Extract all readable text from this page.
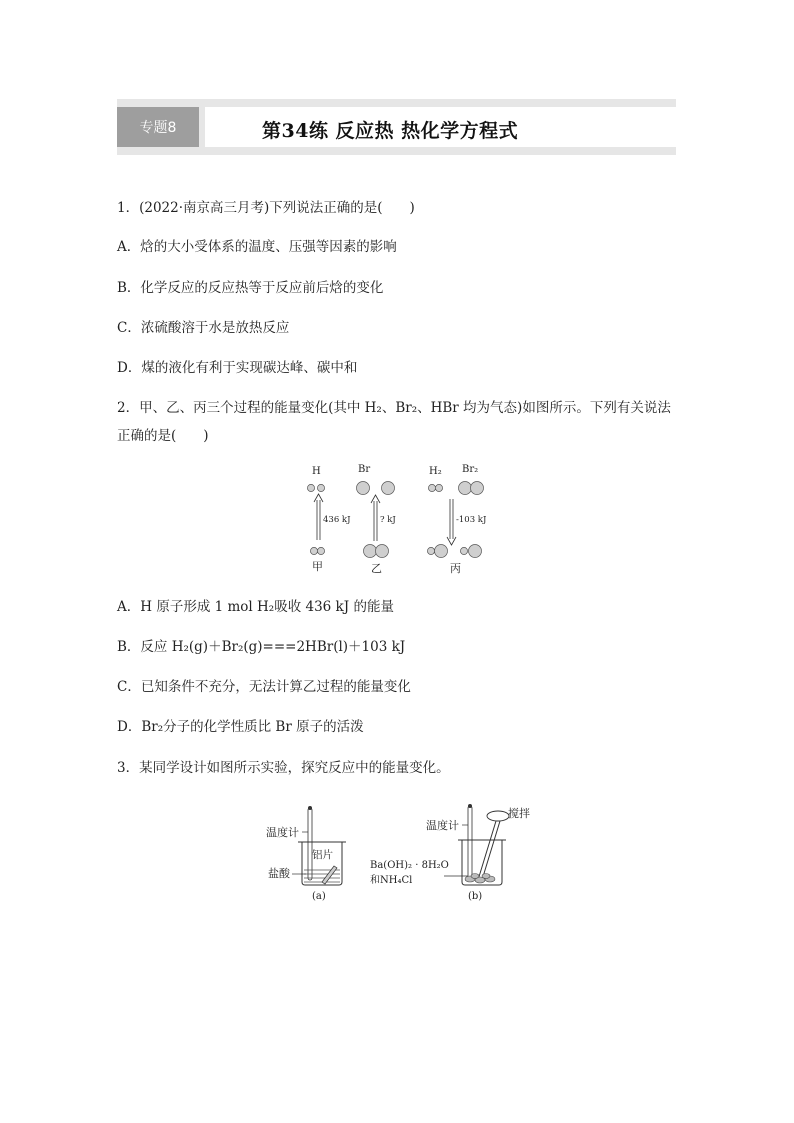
专题8	第34练 反应热 热化学方程式
1．(2022·南京高三月考)下列说法正确的是(　　)
A．焓的大小受体系的温度、压强等因素的影响
B．化学反应的反应热等于反应前后焓的变化
C．浓硫酸溶于水是放热反应
D．煤的液化有利于实现碳达峰、碳中和
2．甲、乙、丙三个过程的能量变化(其中 H₂、Br₂、HBr 均为气态)如图所示。下列有关说法
正确的是(　　)
H
436 kJ
甲
Br
? kJ
乙
H₂ Br₂
-103 kJ
丙
A．H 原子形成 1 mol H₂吸收 436 kJ 的能量
B．反应 H₂(g)＋Br₂(g)===2HBr(l)＋103 kJ
C．已知条件不充分，无法计算乙过程的能量变化
D．Br₂分子的化学性质比 Br 原子的活泼
3．某同学设计如图所示实验，探究反应中的能量变化。
温度计
铝片
盐酸
(a)
温度计
搅拌
Ba(OH)₂ · 8H₂O
和NH₄Cl
(b)
